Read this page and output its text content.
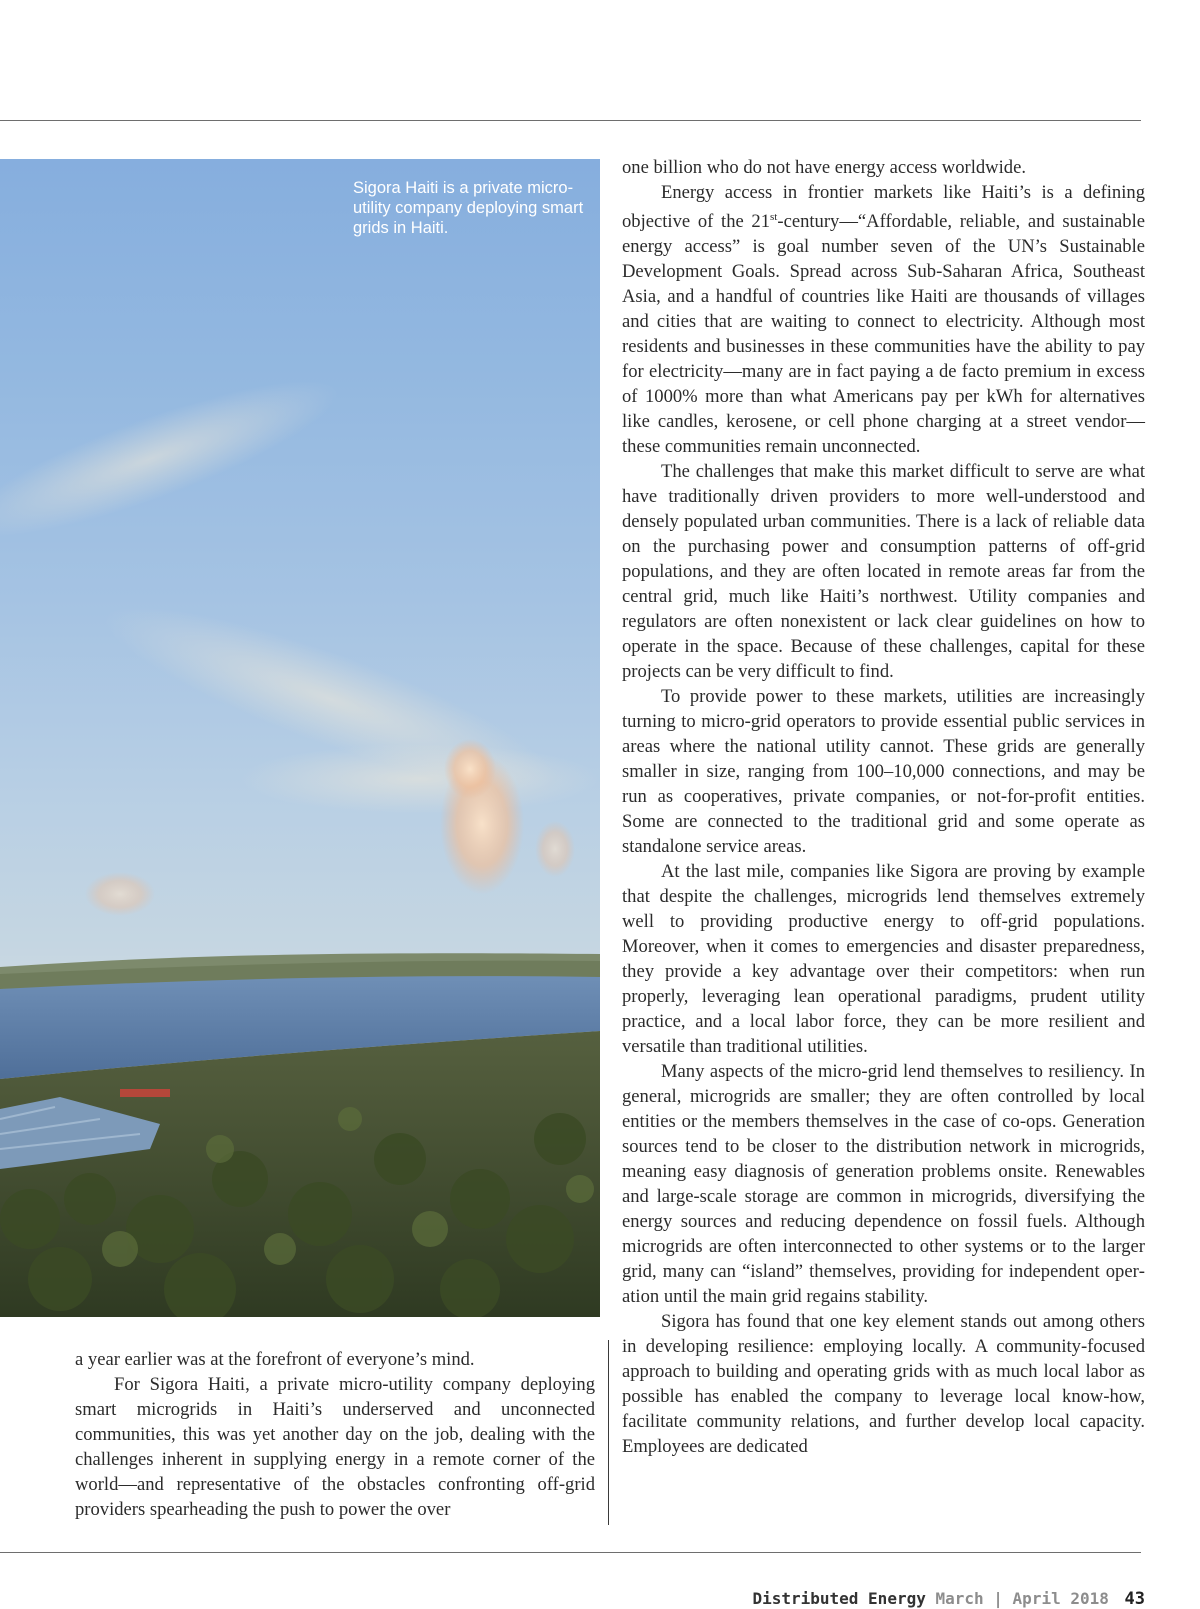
Sigora Haiti is a private micro-utility company deploying smart grids in Haiti.

a year earlier was at the forefront of everyone’s mind.

For Sigora Haiti, a private micro-utility company deploying smart microgrids in Haiti’s underserved and unconnected communities, this was yet another day on the job, dealing with the challenges inherent in supplying energy in a remote corner of the world—and representative of the obstacles confronting off-grid providers spearheading the push to power the over

one billion who do not have energy access worldwide.

Energy access in frontier markets like Haiti’s is a defining objective of the 21st-century—“Affordable, reliable, and sustainable energy access” is goal number seven of the UN’s Sustainable Development Goals. Spread across Sub-Saharan Africa, Southeast Asia, and a handful of countries like Haiti are thousands of villages and cities that are waiting to connect to electricity. Although most residents and businesses in these communities have the ability to pay for electricity—many are in fact paying a de facto premium in excess of 1000% more than what Americans pay per kWh for alternatives like candles, kerosene, or cell phone charging at a street vendor—these communities remain unconnected.

The challenges that make this market difficult to serve are what have traditionally driven providers to more well-understood and densely populated urban communities. There is a lack of reliable data on the purchasing power and consumption patterns of off-grid populations, and they are often located in remote areas far from the central grid, much like Haiti’s northwest. Utility companies and regulators are often nonexistent or lack clear guidelines on how to operate in the space. Because of these challenges, capital for these projects can be very difficult to find.

To provide power to these markets, utilities are increasingly turning to micro-grid operators to provide essential public services in areas where the national utility cannot. These grids are generally smaller in size, ranging from 100–10,000 connections, and may be run as cooperatives, private companies, or not-for-profit entities. Some are connected to the traditional grid and some operate as standalone service areas.

At the last mile, companies like Sigora are proving by example that despite the challenges, microgrids lend themselves extremely well to providing productive energy to off-grid populations. Moreover, when it comes to emergencies and disaster preparedness, they provide a key advantage over their competitors: when run properly, leveraging lean operational paradigms, prudent utility practice, and a local labor force, they can be more resilient and versatile than traditional utilities.

Many aspects of the micro-grid lend themselves to resiliency. In general, microgrids are smaller; they are often controlled by local entities or the members themselves in the case of co-ops. Generation sources tend to be closer to the distribution network in microgrids, meaning easy diagnosis of generation problems onsite. Renewables and large-scale storage are common in microgrids, diversifying the energy sources and reducing dependence on fossil fuels. Although microgrids are often interconnected to other systems or to the larger grid, many can “island” themselves, providing for independent operation until the main grid regains stability.

Sigora has found that one key element stands out among others in developing resilience: employing locally. A community-focused approach to building and operating grids with as much local labor as possible has enabled the company to leverage local know-how, facilitate community relations, and further develop local capacity. Employees are dedicated

Distributed Energy March | April 2018 43
